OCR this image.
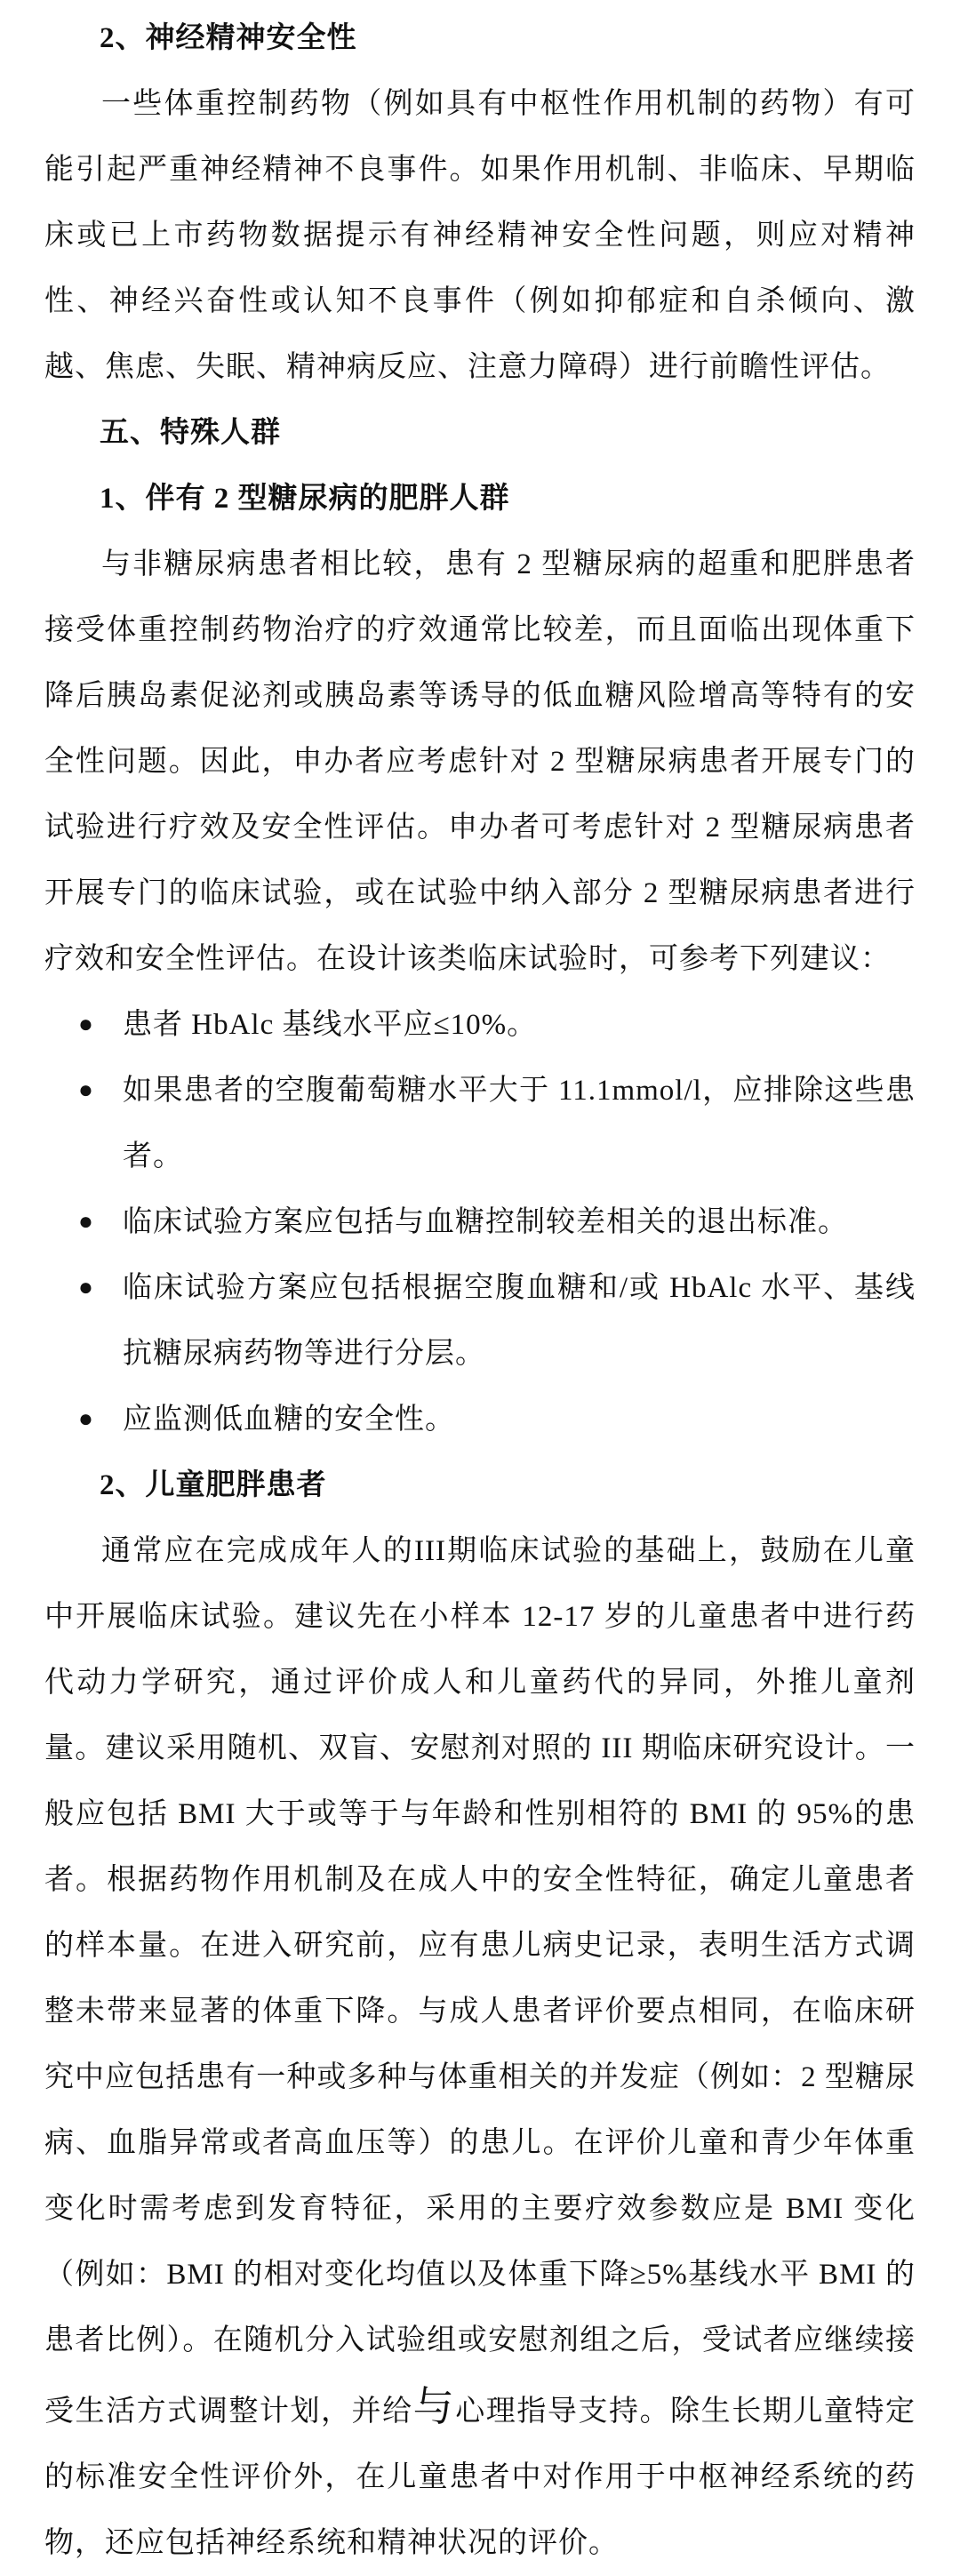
2、神经精神安全性

一些体重控制药物（例如具有中枢性作用机制的药物）有可能引起严重神经精神不良事件。如果作用机制、非临床、早期临床或已上市药物数据提示有神经精神安全性问题，则应对精神性、神经兴奋性或认知不良事件（例如抑郁症和自杀倾向、激越、焦虑、失眠、精神病反应、注意力障碍）进行前瞻性评估。

五、特殊人群
1、伴有 2 型糖尿病的肥胖人群

与非糖尿病患者相比较，患有 2 型糖尿病的超重和肥胖患者接受体重控制药物治疗的疗效通常比较差，而且面临出现体重下降后胰岛素促泌剂或胰岛素等诱导的低血糖风险增高等特有的安全性问题。因此，申办者应考虑针对 2 型糖尿病患者开展专门的试验进行疗效及安全性评估。申办者可考虑针对 2 型糖尿病患者开展专门的临床试验，或在试验中纳入部分 2 型糖尿病患者进行疗效和安全性评估。在设计该类临床试验时，可参考下列建议：

● 患者 HbAlc 基线水平应≤10%。
● 如果患者的空腹葡萄糖水平大于 11.1mmol/l，应排除这些患者。
● 临床试验方案应包括与血糖控制较差相关的退出标准。
● 临床试验方案应包括根据空腹血糖和/或 HbAlc 水平、基线抗糖尿病药物等进行分层。
● 应监测低血糖的安全性。
2、儿童肥胖患者

通常应在完成成年人的III期临床试验的基础上，鼓励在儿童中开展临床试验。建议先在小样本 12-17 岁的儿童患者中进行药代动力学研究，通过评价成人和儿童药代的异同，外推儿童剂量。建议采用随机、双盲、安慰剂对照的 III 期临床研究设计。一般应包括 BMI 大于或等于与年龄和性别相符的 BMI 的 95%的患者。根据药物作用机制及在成人中的安全性特征，确定儿童患者的样本量。在进入研究前，应有患儿病史记录，表明生活方式调整未带来显著的体重下降。与成人患者评价要点相同，在临床研究中应包括患有一种或多种与体重相关的并发症（例如：2 型糖尿病、血脂异常或者高血压等）的患儿。在评价儿童和青少年体重变化时需考虑到发育特征，采用的主要疗效参数应是 BMI 变化（例如：BMI 的相对变化均值以及体重下降≥5%基线水平 BMI 的患者比例）。在随机分入试验组或安慰剂组之后，受试者应继续接受生活方式调整计划，并给与心理指导支持。除生长期儿童特定的标准安全性评价外，在儿童患者中对作用于中枢神经系统的药物，还应包括神经系统和精神状况的评价。
